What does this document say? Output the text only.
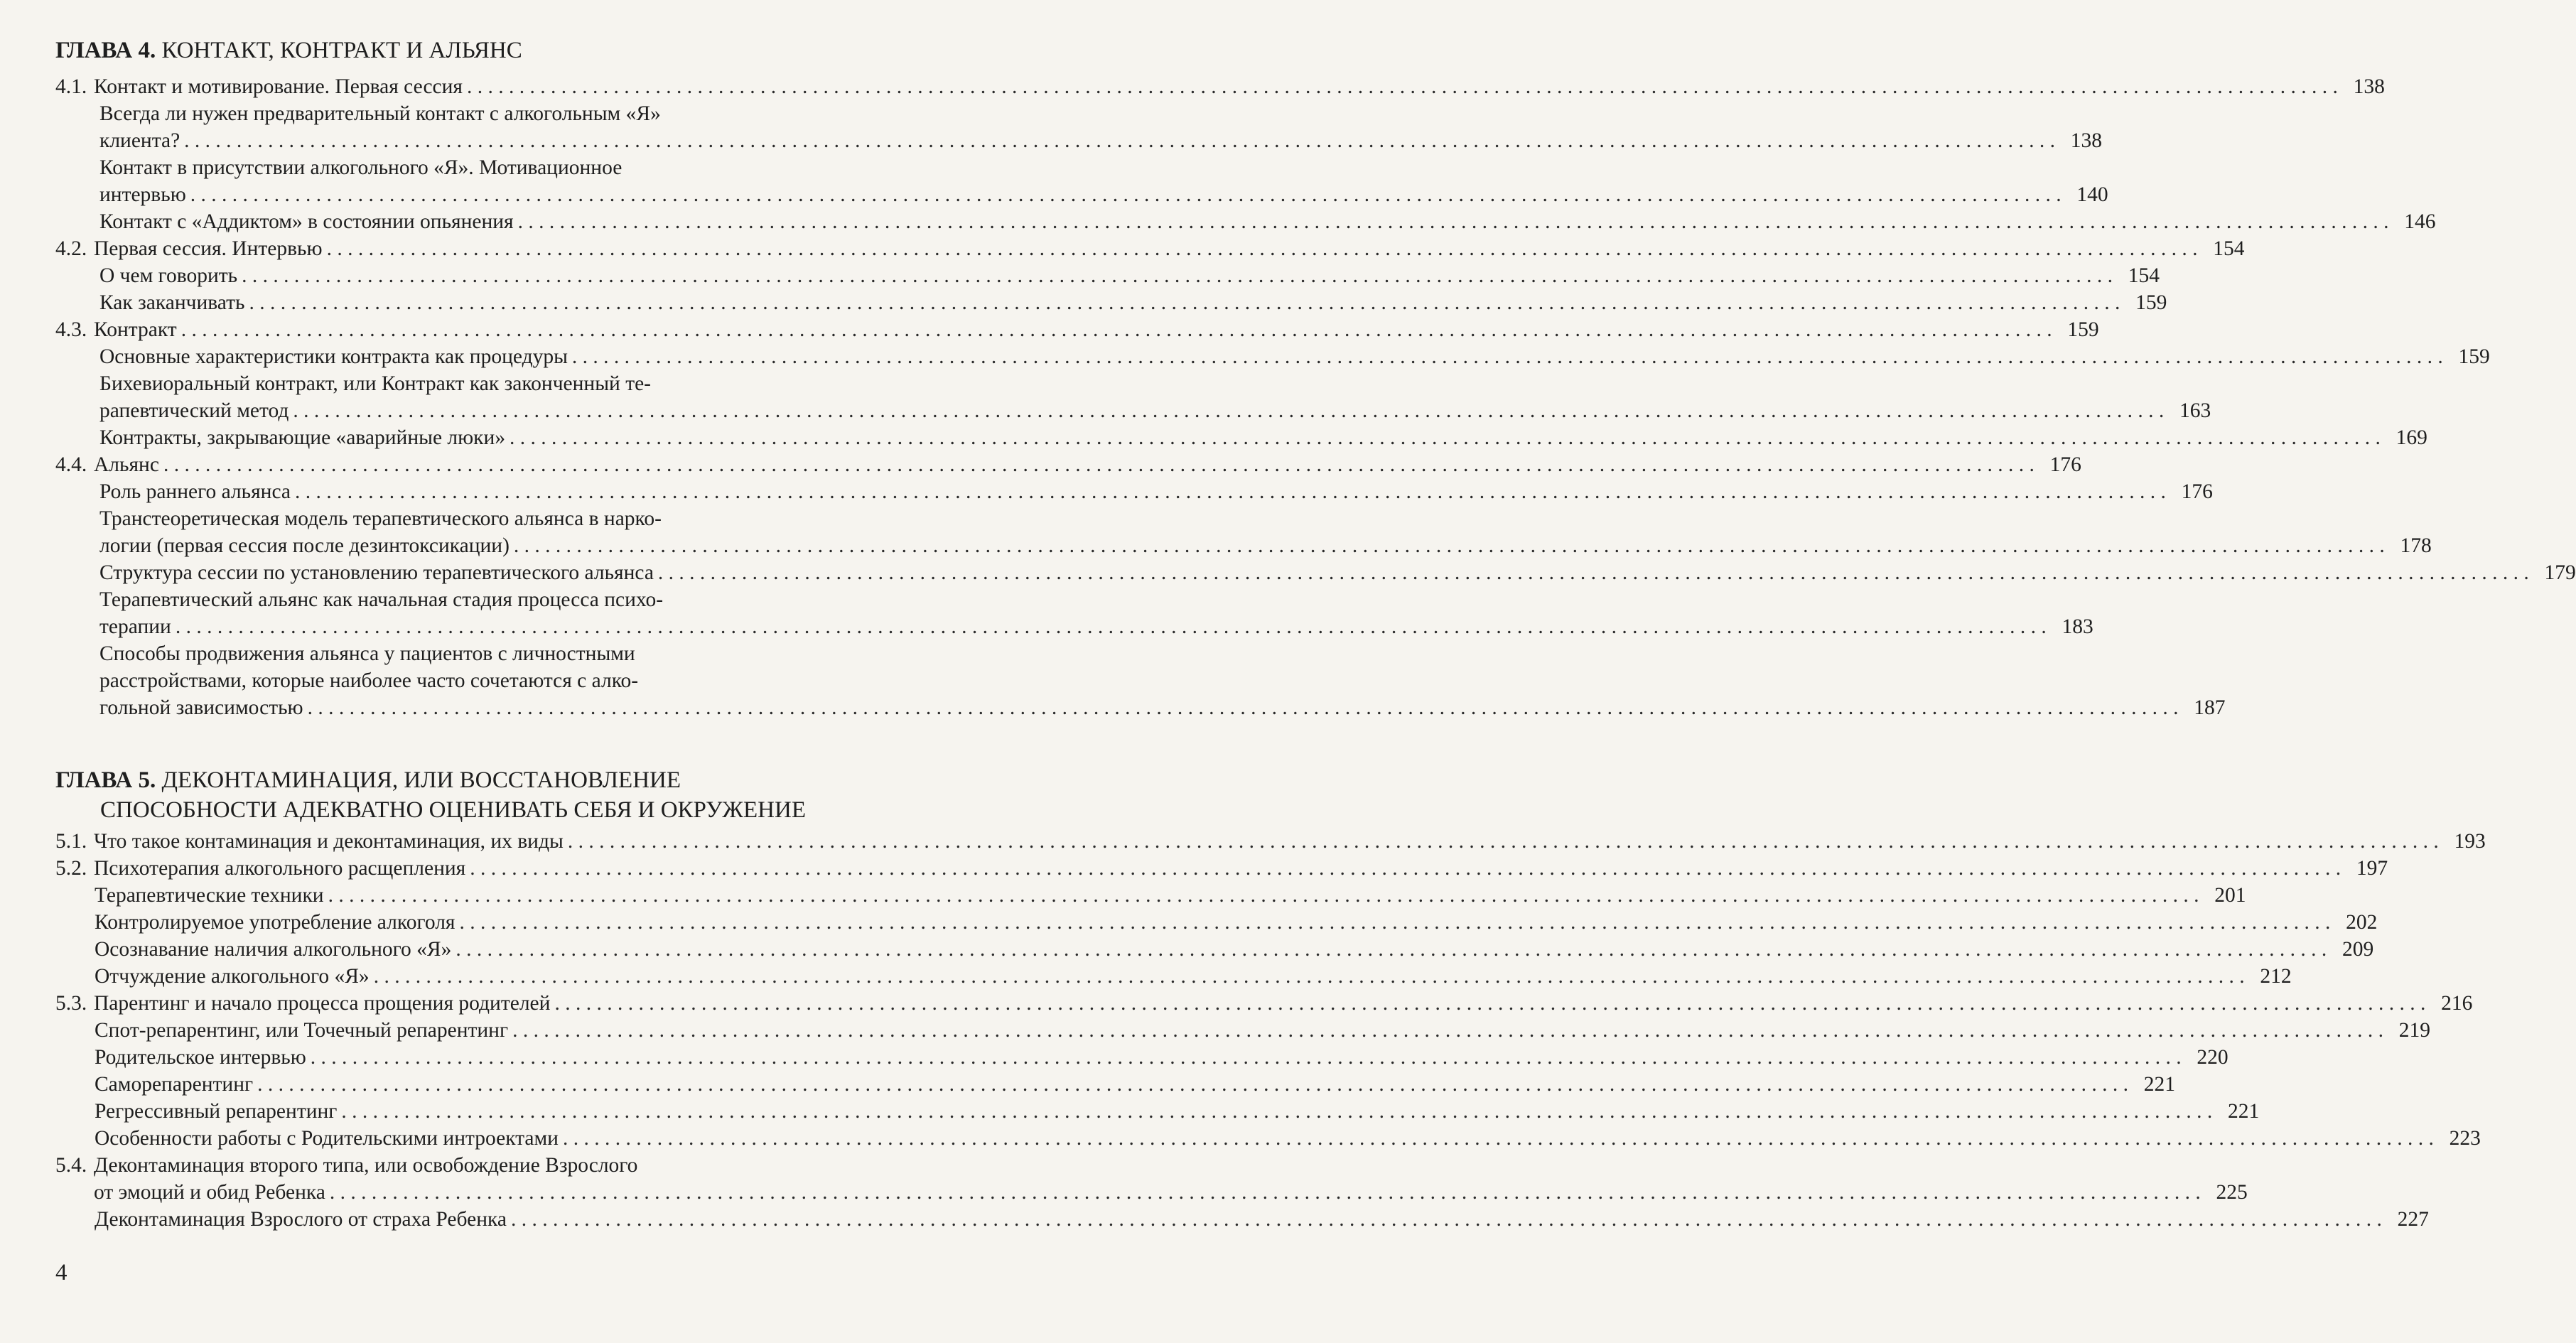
ГЛАВА 4. КОНТАКТ, КОНТРАКТ И АЛЬЯНС
4.1. Контакт и мотивирование. Первая сессия . . .	138
Всегда ли нужен предварительный контакт с алкогольным «Я»
клиента? . . .	138
Контакт в присутствии алкогольного «Я». Мотивационное
интервью . . .	140
Контакт с «Аддиктом» в состоянии опьянения . . .	146
4.2. Первая сессия. Интервью . . .	154
О чем говорить . . .	154
Как заканчивать . . .	159
4.3. Контракт . . .	159
Основные характеристики контракта как процедуры . . .	159
Бихевиоральный контракт, или Контракт как законченный те-
рапевтический метод . . .	163
Контракты, закрывающие «аварийные люки» . . .	169
4.4. Альянс . . .	176
Роль раннего альянса . . .	176
Транстеоретическая модель терапевтического альянса в нарко-
логии (первая сессия после дезинтоксикации) . . .	178
Структура сессии по установлению терапевтического альянса . . .	179
Терапевтический альянс как начальная стадия процесса психо-
терапии . . .	183
Способы продвижения альянса у пациентов с личностными
расстройствами, которые наиболее часто сочетаются с алко-
гольной зависимостью . . .	187
ГЛАВА 5. ДЕКОНТАМИНАЦИЯ, ИЛИ ВОССТАНОВЛЕНИЕ
СПОСОБНОСТИ АДЕКВАТНО ОЦЕНИВАТЬ СЕБЯ И ОКРУЖЕНИЕ
5.1. Что такое контаминация и деконтаминация, их виды . . .	193
5.2. Психотерапия алкогольного расщепления . . .	197
Терапевтические техники . . .	201
Контролируемое употребление алкоголя . . .	202
Осознавание наличия алкогольного «Я» . . .	209
Отчуждение алкогольного «Я» . . .	212
5.3. Парентинг и начало процесса прощения родителей . . .	216
Спот-репарентинг, или Точечный репарентинг . . .	219
Родительское интервью . . .	220
Саморепарентинг . . .	221
Регрессивный репарентинг . . .	221
Особенности работы с Родительскими интроектами . . .	223
5.4. Деконтаминация второго типа, или освобождение Взрослого
от эмоций и обид Ребенка . . .	225
Деконтаминация Взрослого от страха Ребенка . . .	227
4
